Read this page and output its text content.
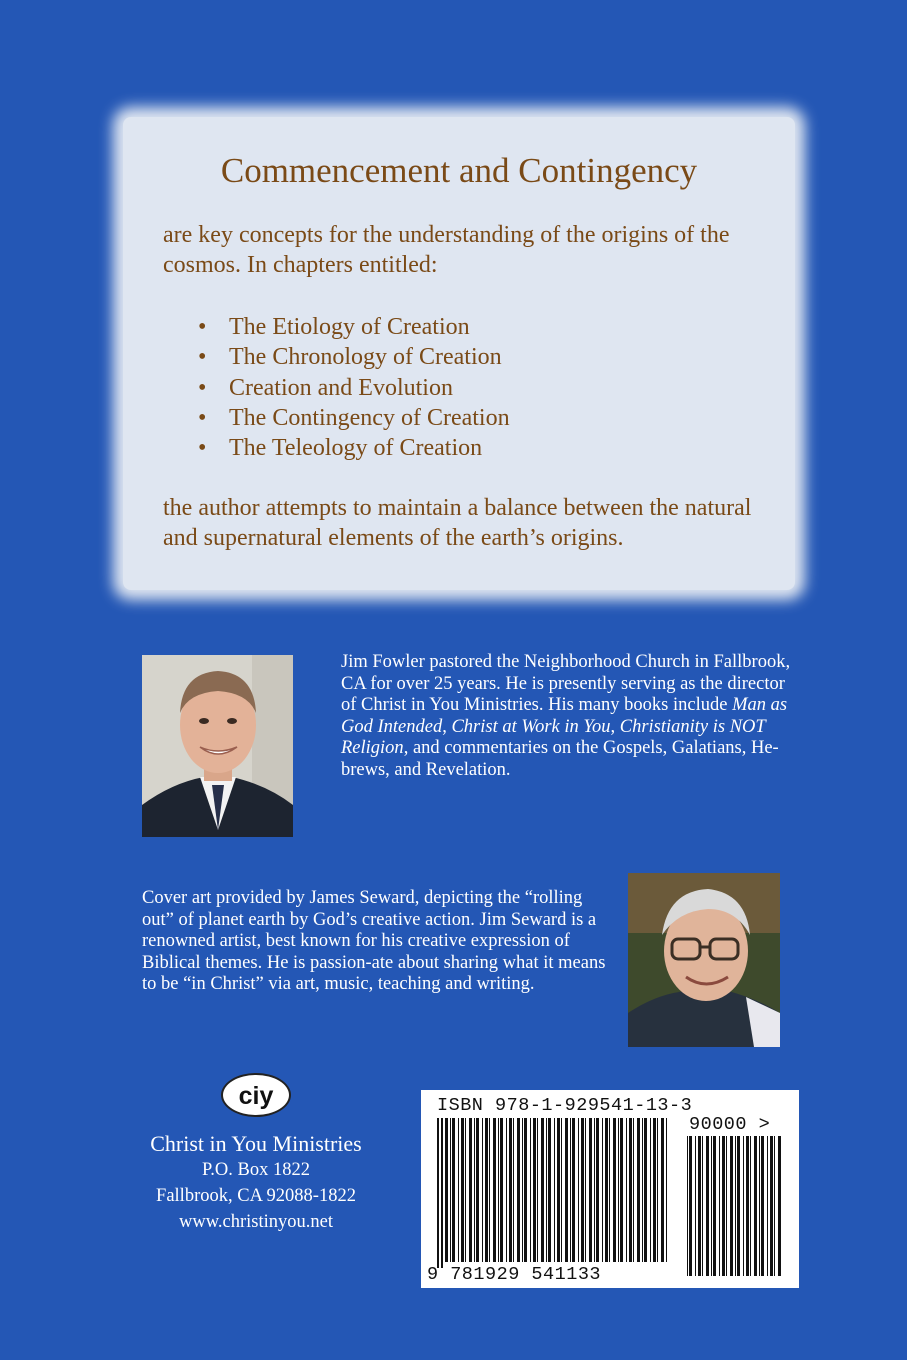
Commencement and Contingency
are key concepts for the understanding of the origins of the cosmos. In chapters entitled:
• The Etiology of Creation
• The Chronology of Creation
• Creation and Evolution
• The Contingency of Creation
• The Teleology of Creation
the author attempts to maintain a balance between the natural and supernatural elements of the earth’s origins.
Jim Fowler pastored the Neighborhood Church in Fallbrook, CA for over 25 years. He is presently serving as the director of Christ in You Ministries. His many books include Man as God Intended, Christ at Work in You, Christianity is NOT Religion, and commentaries on the Gospels, Galatians, He-brews, and Revelation.
Cover art provided by James Seward, depicting the “rolling out” of planet earth by God’s creative action. Jim Seward is a renowned artist, best known for his creative expression of Biblical themes. He is passion-ate about sharing what it means to be “in Christ” via art, music, teaching and writing.
ciy
Christ in You Ministries
P.O. Box 1822
Fallbrook, CA 92088-1822
www.christinyou.net
ISBN 978-1-929541-13-3
90000 >
9 781929 541133
